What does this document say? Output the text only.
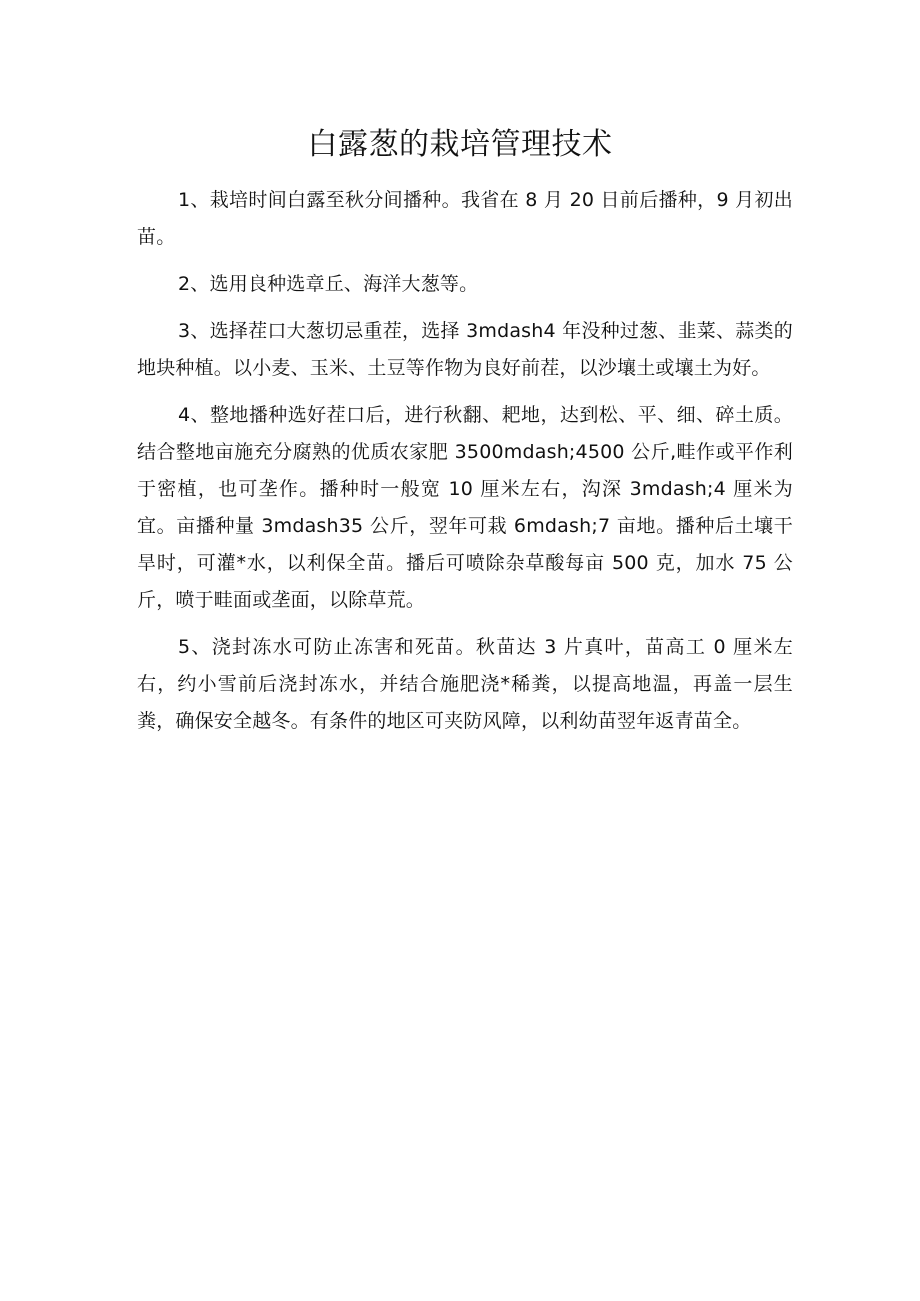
白露葱的栽培管理技术

1、栽培时间白露至秋分间播种。我省在 8 月 20 日前后播种，9 月初出苗。

2、选用良种选章丘、海洋大葱等。

3、选择茬口大葱切忌重茬，选择 3mdash4 年没种过葱、韭菜、蒜类的地块种植。以小麦、玉米、土豆等作物为良好前茬，以沙壤土或壤土为好。

4、整地播种选好茬口后，进行秋翻、耙地，达到松、平、细、碎土质。结合整地亩施充分腐熟的优质农家肥 3500mdash;4500 公斤,畦作或平作利于密植，也可垄作。播种时一般宽 10 厘米左右，沟深 3mdash;4 厘米为宜。亩播种量 3mdash35 公斤，翌年可栽 6mdash;7 亩地。播种后土壤干旱时，可灌*水，以利保全苗。播后可喷除杂草酸每亩 500 克，加水 75 公斤，喷于畦面或垄面，以除草荒。

5、浇封冻水可防止冻害和死苗。秋苗达 3 片真叶，苗高工 0 厘米左右，约小雪前后浇封冻水，并结合施肥浇*稀粪，以提高地温，再盖一层生粪，确保安全越冬。有条件的地区可夹防风障，以利幼苗翌年返青苗全。
